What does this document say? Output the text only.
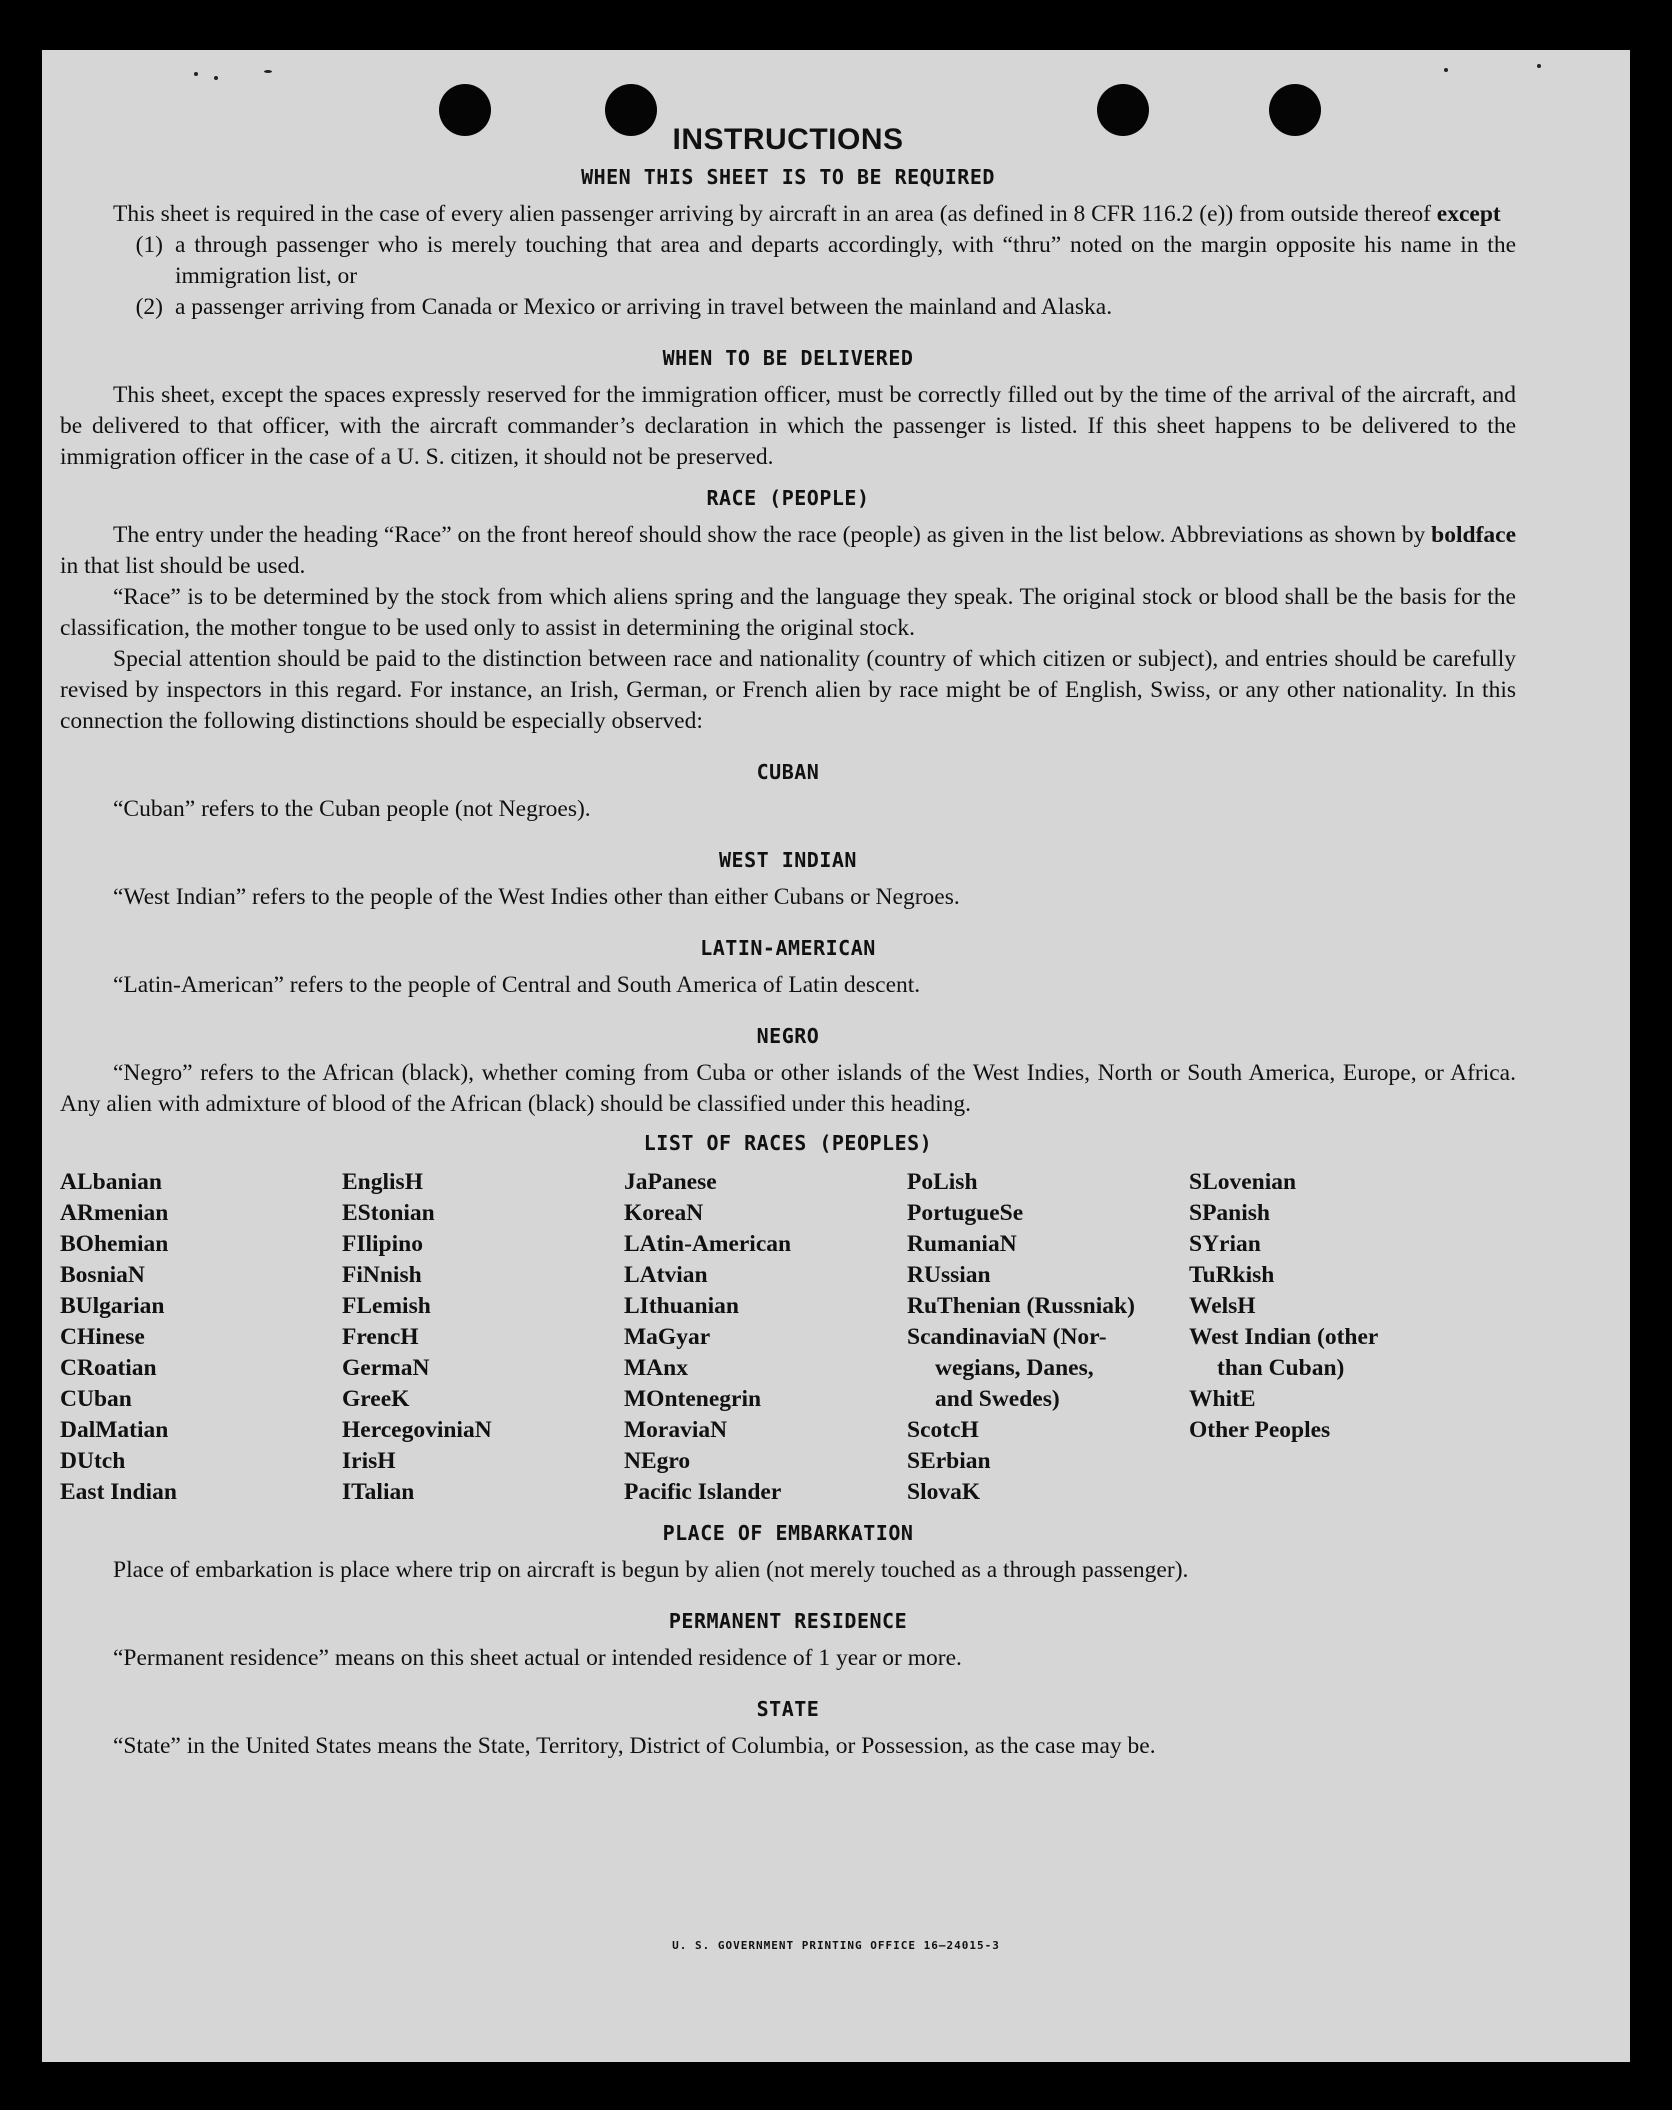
INSTRUCTIONS
WHEN THIS SHEET IS TO BE REQUIRED

This sheet is required in the case of every alien passenger arriving by aircraft in an area (as defined in 8 CFR 116.2 (e)) from outside thereof except

(1) a through passenger who is merely touching that area and departs accordingly, with “thru” noted on the margin opposite his name in the immigration list, or
(2) a passenger arriving from Canada or Mexico or arriving in travel between the mainland and Alaska.
WHEN TO BE DELIVERED

This sheet, except the spaces expressly reserved for the immigration officer, must be correctly filled out by the time of the arrival of the aircraft, and be delivered to that officer, with the aircraft commander’s declaration in which the passenger is listed. If this sheet happens to be delivered to the immigration officer in the case of a U. S. citizen, it should not be preserved.

RACE (PEOPLE)

The entry under the heading “Race” on the front hereof should show the race (people) as given in the list below. Abbreviations as shown by boldface in that list should be used.

“Race” is to be determined by the stock from which aliens spring and the language they speak. The original stock or blood shall be the basis for the classification, the mother tongue to be used only to assist in determining the original stock.

Special attention should be paid to the distinction between race and nationality (country of which citizen or subject), and entries should be carefully revised by inspectors in this regard. For instance, an Irish, German, or French alien by race might be of English, Swiss, or any other nationality. In this connection the following distinctions should be especially observed:

CUBAN

“Cuban” refers to the Cuban people (not Negroes).

WEST INDIAN

“West Indian” refers to the people of the West Indies other than either Cubans or Negroes.

LATIN-AMERICAN

“Latin-American” refers to the people of Central and South America of Latin descent.

NEGRO

“Negro” refers to the African (black), whether coming from Cuba or other islands of the West Indies, North or South America, Europe, or Africa. Any alien with admixture of blood of the African (black) should be classified under this heading.

LIST OF RACES (PEOPLES)
ALbanian
ARmenian
BOhemian
BosniaN
BUlgarian
CHinese
CRoatian
CUban
DalMatian
DUtch
East Indian
EnglisH
EStonian
FIlipino
FiNnish
FLemish
FrencH
GermaN
GreeK
HercegoviniaN
IrisH
ITalian
JaPanese
KoreaN
LAtin-American
LAtvian
LIthuanian
MaGyar
MAnx
MOntenegrin
MoraviaN
NEgro
Pacific Islander
PoLish
PortugueSe
RumaniaN
RUssian
RuThenian (Russniak)
ScandinaviaN (Nor-
wegians, Danes,
and Swedes)
ScotcH
SErbian
SlovaK
SLovenian
SPanish
SYrian
TuRkish
WelsH
West Indian (other
than Cuban)
WhitE
Other Peoples
PLACE OF EMBARKATION

Place of embarkation is place where trip on aircraft is begun by alien (not merely touched as a through passenger).

PERMANENT RESIDENCE

“Permanent residence” means on this sheet actual or intended residence of 1 year or more.

STATE

“State” in the United States means the State, Territory, District of Columbia, or Possession, as the case may be.

U. S. GOVERNMENT PRINTING OFFICE 16—24015-3
